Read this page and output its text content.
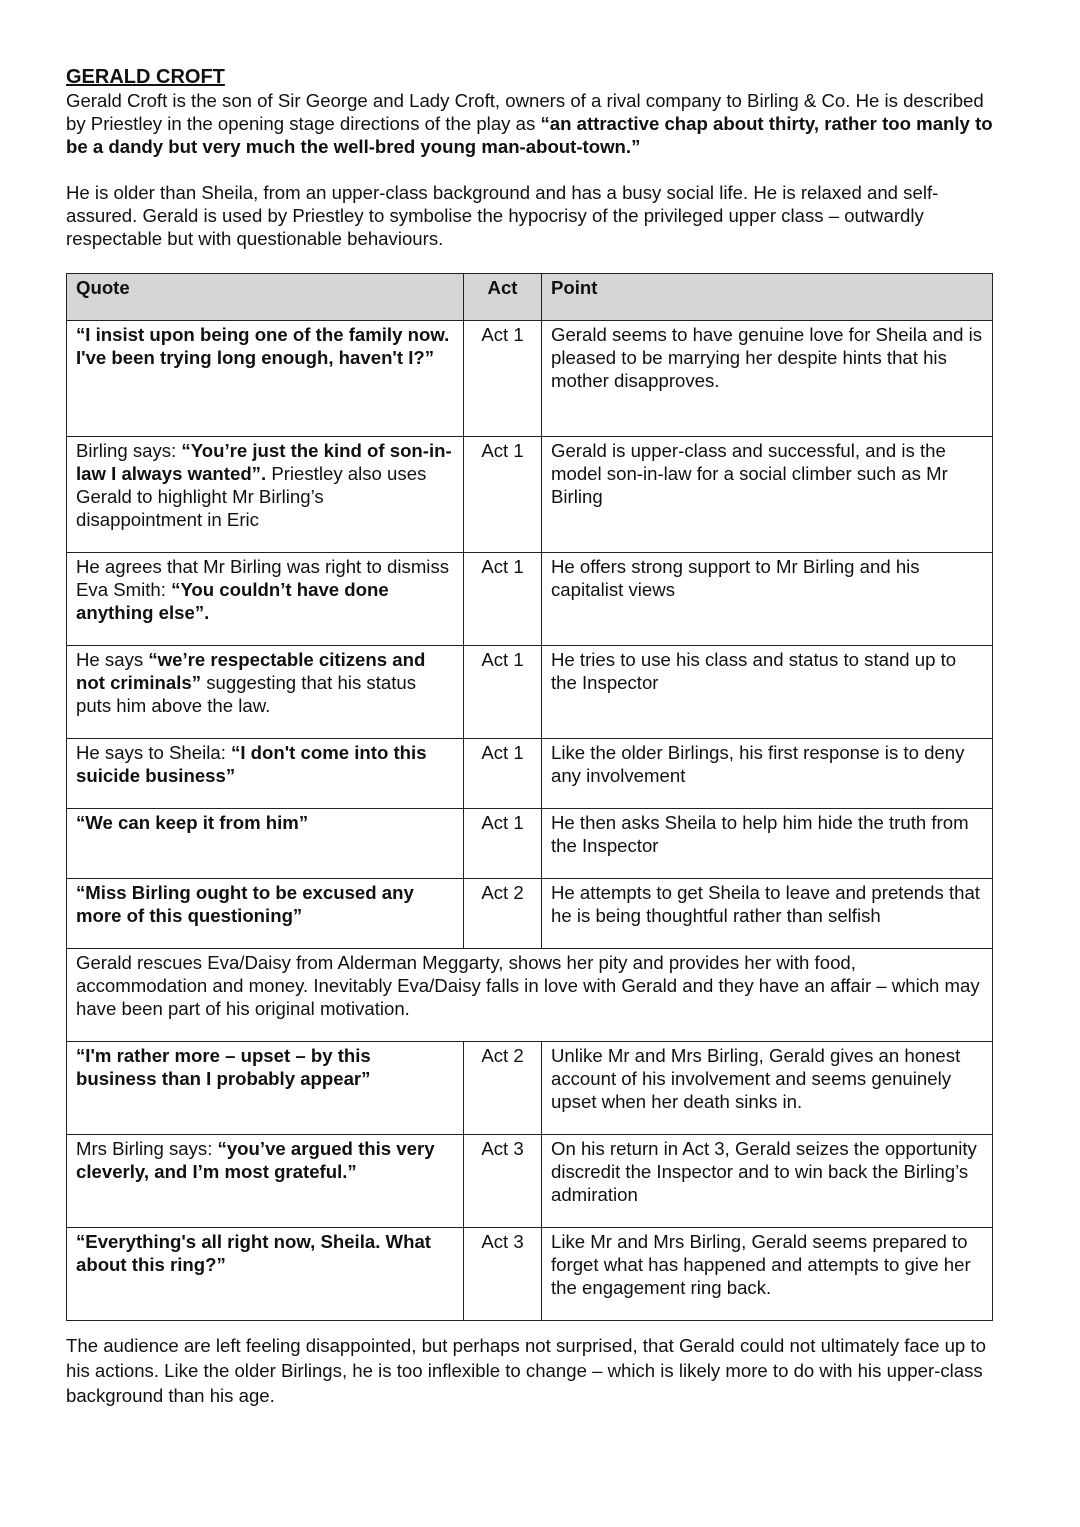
GERALD CROFT

Gerald Croft is the son of Sir George and Lady Croft, owners of a rival company to Birling & Co. He is described by Priestley in the opening stage directions of the play as “an attractive chap about thirty, rather too manly to be a dandy but very much the well-bred young man-about-town.”

He is older than Sheila, from an upper-class background and has a busy social life. He is relaxed and self-assured. Gerald is used by Priestley to symbolise the hypocrisy of the privileged upper class – outwardly respectable but with questionable behaviours.

Quote	Act	Point
“I insist upon being one of the family now. I've been trying long enough, haven't I?”	Act 1	Gerald seems to have genuine love for Sheila and is pleased to be marrying her despite hints that his mother disapproves.
Birling says: “You’re just the kind of son-in-law I always wanted”. Priestley also uses Gerald to highlight Mr Birling’s disappointment in Eric	Act 1	Gerald is upper-class and successful, and is the model son-in-law for a social climber such as Mr Birling
He agrees that Mr Birling was right to dismiss Eva Smith: “You couldn’t have done anything else”.	Act 1	He offers strong support to Mr Birling and his capitalist views
He says “we’re respectable citizens and not criminals” suggesting that his status puts him above the law.	Act 1	He tries to use his class and status to stand up to the Inspector
He says to Sheila: “I don't come into this suicide business”	Act 1	Like the older Birlings, his first response is to deny any involvement
“We can keep it from him”	Act 1	He then asks Sheila to help him hide the truth from the Inspector
“Miss Birling ought to be excused any more of this questioning”	Act 2	He attempts to get Sheila to leave and pretends that he is being thoughtful rather than selfish
Gerald rescues Eva/Daisy from Alderman Meggarty, shows her pity and provides her with food, accommodation and money. Inevitably Eva/Daisy falls in love with Gerald and they have an affair – which may have been part of his original motivation.		
“I'm rather more – upset – by this business than I probably appear”	Act 2	Unlike Mr and Mrs Birling, Gerald gives an honest account of his involvement and seems genuinely upset when her death sinks in.
Mrs Birling says: “you’ve argued this very cleverly, and I’m most grateful.”	Act 3	On his return in Act 3, Gerald seizes the opportunity discredit the Inspector and to win back the Birling’s admiration
“Everything's all right now, Sheila. What about this ring?”	Act 3	Like Mr and Mrs Birling, Gerald seems prepared to forget what has happened and attempts to give her the engagement ring back.

The audience are left feeling disappointed, but perhaps not surprised, that Gerald could not ultimately face up to his actions. Like the older Birlings, he is too inflexible to change – which is likely more to do with his upper-class background than his age.
